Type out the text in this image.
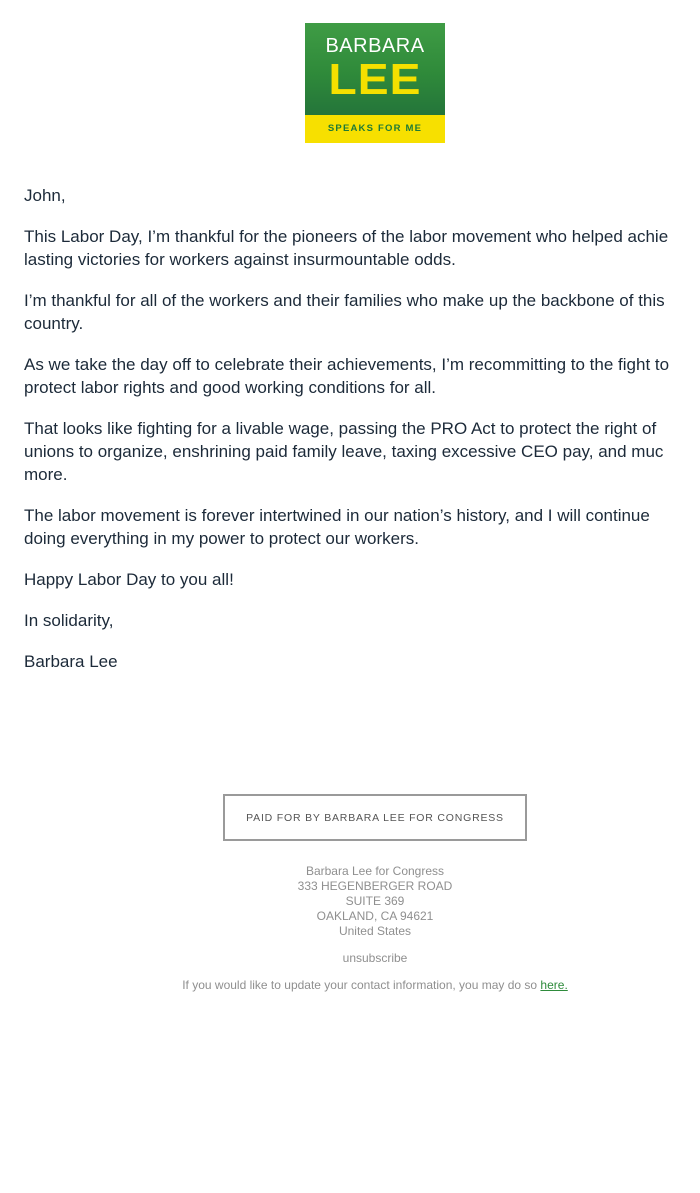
BARBARA
LEE
SPEAKS FOR ME

John,

This Labor Day, I’m thankful for the pioneers of the labor movement who helped achie
lasting victories for workers against insurmountable odds.

I’m thankful for all of the workers and their families who make up the backbone of this
country.

As we take the day off to celebrate their achievements, I’m recommitting to the fight to
protect labor rights and good working conditions for all.

That looks like fighting for a livable wage, passing the PRO Act to protect the right of
unions to organize, enshrining paid family leave, taxing excessive CEO pay, and muc
more.

The labor movement is forever intertwined in our nation’s history, and I will continue
doing everything in my power to protect our workers.

Happy Labor Day to you all!

In solidarity,

Barbara Lee

PAID FOR BY BARBARA LEE FOR CONGRESS
Barbara Lee for Congress
333 HEGENBERGER ROAD
SUITE 369
OAKLAND, CA 94621
United States
unsubscribe
If you would like to update your contact information, you may do so here.
